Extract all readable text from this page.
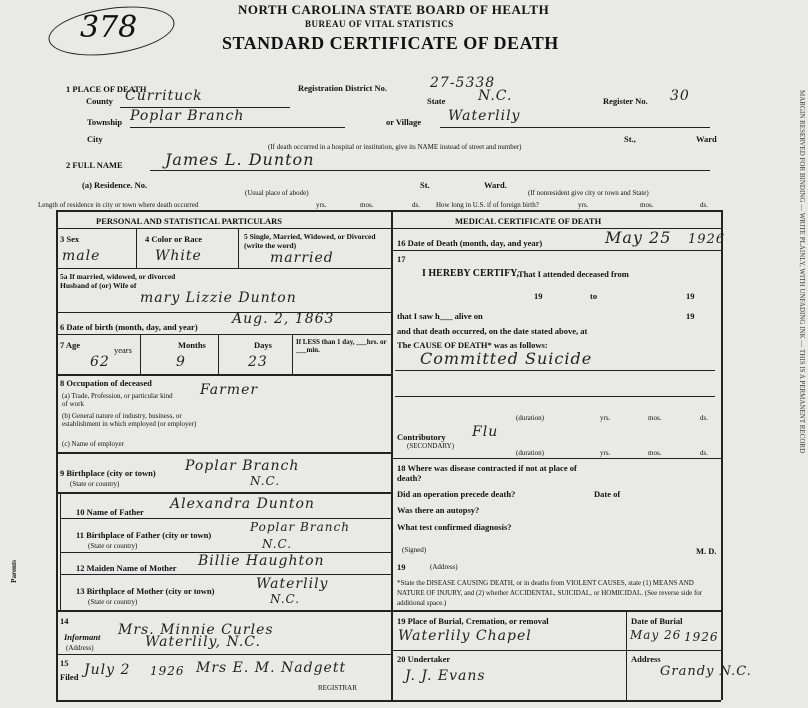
378
NORTH CAROLINA STATE BOARD OF HEALTH
BUREAU OF VITAL STATISTICS
STANDARD CERTIFICATE OF DEATH
1 PLACE OF DEATH
County Currituck	Registration District No.	27-5338
State N.C.	Register No. 30
Township Poplar Branch	or Village Waterlily
City	St.,	Ward
(If death occurred in a hospital or institution, give its NAME instead of street and number)
2 FULL NAME	James L. Dunton
(a) Residence. No.	St.	Ward.
(Usual place of abode)	(If nonresident give city or town and State)
Length of residence in city or town where death occurred	yrs.	mos.	ds. How long in U.S. if of foreign birth?	yrs.	mos.	ds.
PERSONAL AND STATISTICAL PARTICULARS	MEDICAL CERTIFICATE OF DEATH
3 Sex
male
4 Color or Race
White
5 Single, Married, Widowed, or Divorced (write the word)
married
5a If married, widowed, or divorced Husband of (or) Wife of
mary Lizzie Dunton
6 Date of birth (month, day, and year) Aug. 2, 1863
7 Age	years	Months	Days	If LESS than 1 day, ___hrs. or ___min.
62	9	23
8 Occupation of deceased
(a) Trade, Profession, or particular kind of work
Farmer
(b) General nature of industry, business, or establishment in which employed (or employer)
(c) Name of employer
9 Birthplace (city or town)
(State or country)
Poplar Branch
N.C.
Parents
10 Name of Father Alexandra Dunton
11 Birthplace of Father (city or town)
Poplar Branch
(State or country)	N.C.
12 Maiden Name of Mother Billie Haughton
13 Birthplace of Mother (city or town)	Waterlily
(State or country)	N.C.
16 Date of Death (month, day, and year)	May 25 1926
17
I HEREBY CERTIFY, That I attended deceased from
19	to	19
that I saw h___ alive on	19
and that death occurred, on the date stated above, at
The CAUSE OF DEATH* was as follows:
Committed Suicide
(duration)	yrs.	mos.	ds.
Contributory
(SECONDARY)
Flu
(duration)	yrs.	mos.	ds.
18 Where was disease contracted if not at place of death?
Did an operation precede death?	Date of
Was there an autopsy?
What test confirmed diagnosis?
(Signed)	M. D.
19	(Address)
*State the DISEASE CAUSING DEATH, or in deaths from VIOLENT CAUSES, state (1) MEANS AND NATURE OF INJURY, and (2) whether ACCIDENTAL, SUICIDAL, or HOMICIDAL. (See reverse side for additional space.)
14
Informant Mrs. Minnie Curles
(Address)	Waterlily, N.C.
15
Filed July 2 1926 Mrs E. M. Nadgett
REGISTRAR
19 Place of Burial, Cremation, or removal
Waterlily Chapel
Date of Burial
May 26 1926
20 Undertaker
J. J. Evans
Address
Grandy N.C.
MARGIN RESERVED FOR BINDING — WRITE PLAINLY, WITH UNFADING INK — THIS IS A PERMANENT RECORD
